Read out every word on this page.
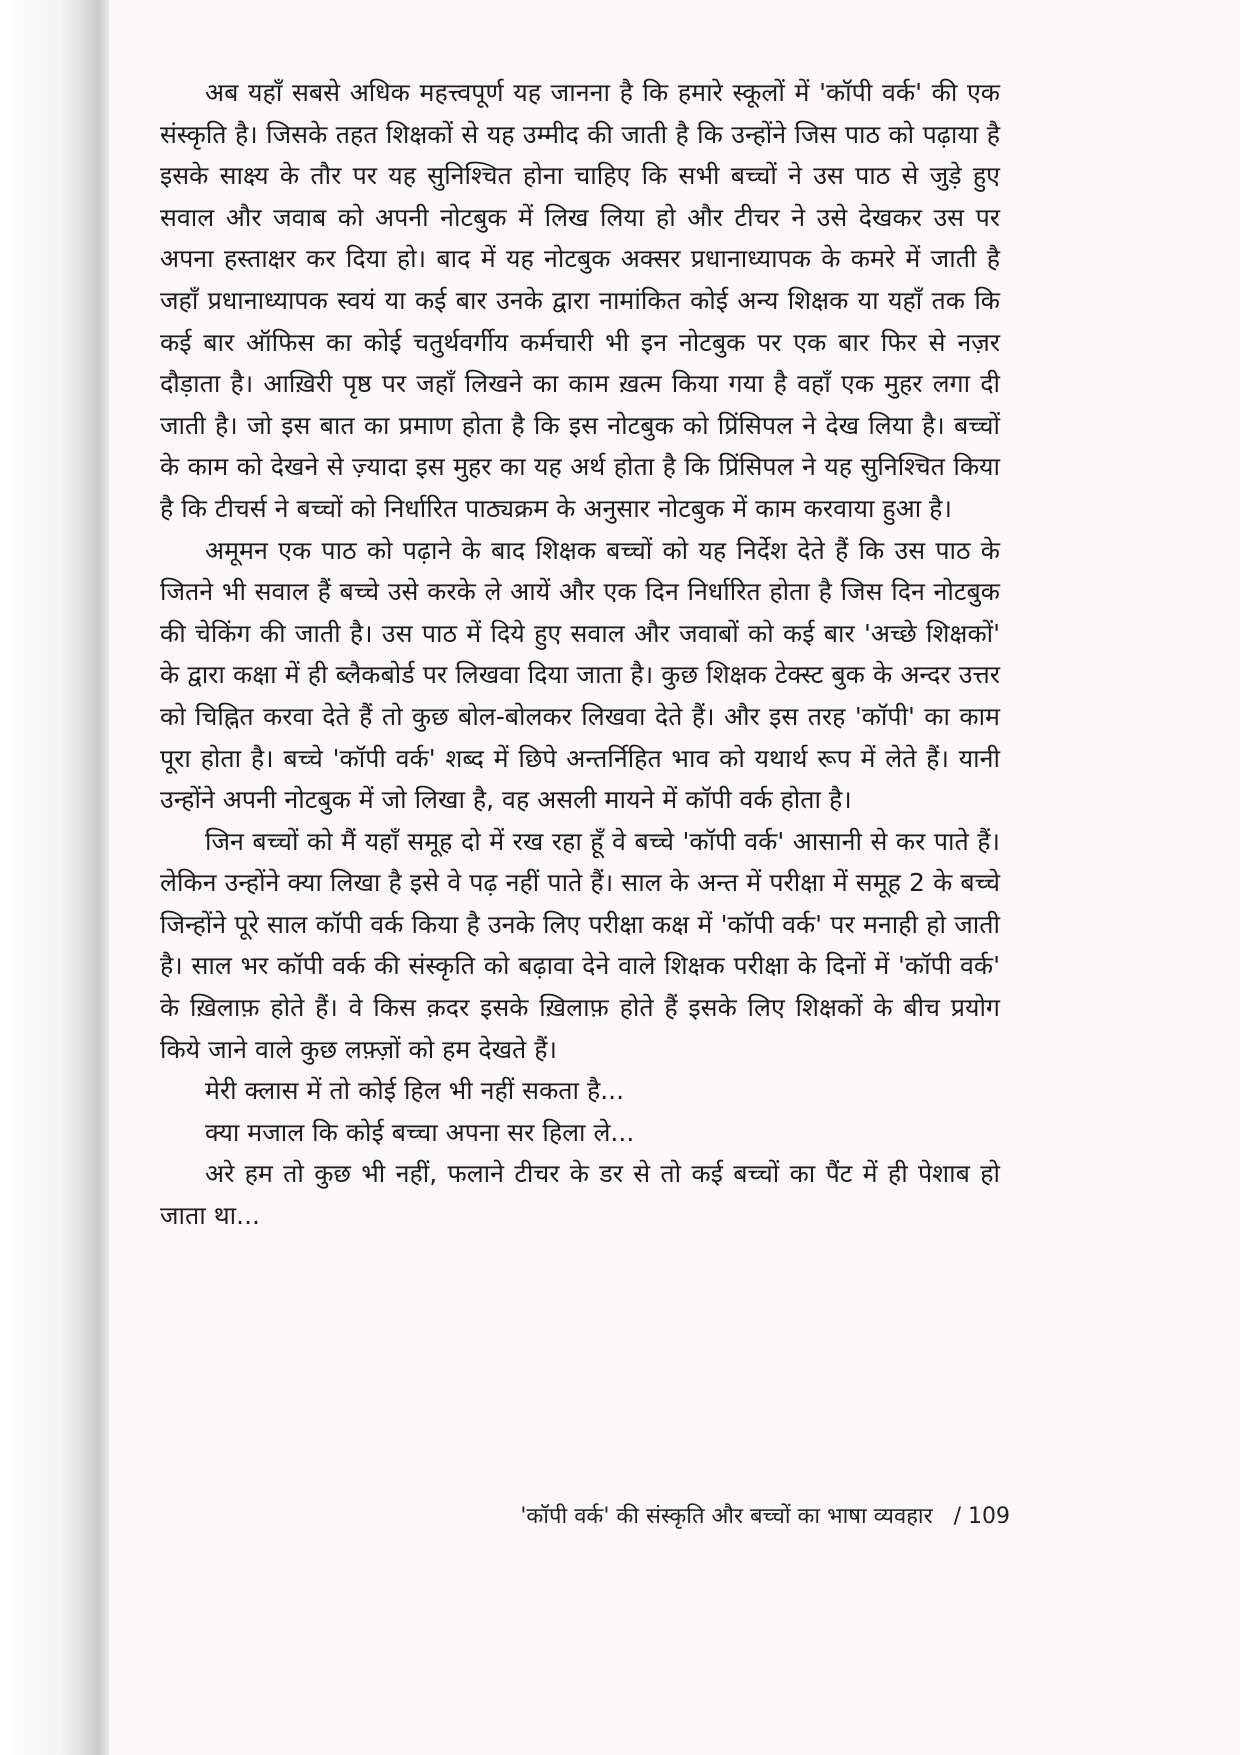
अब यहाँ सबसे अधिक महत्त्वपूर्ण यह जानना है कि हमारे स्कूलों में 'कॉपी वर्क' की एक संस्कृति है। जिसके तहत शिक्षकों से यह उम्मीद की जाती है कि उन्होंने जिस पाठ को पढ़ाया है इसके साक्ष्य के तौर पर यह सुनिश्चित होना चाहिए कि सभी बच्चों ने उस पाठ से जुड़े हुए सवाल और जवाब को अपनी नोटबुक में लिख लिया हो और टीचर ने उसे देखकर उस पर अपना हस्ताक्षर कर दिया हो। बाद में यह नोटबुक अक्सर प्रधानाध्यापक के कमरे में जाती है जहाँ प्रधानाध्यापक स्वयं या कई बार उनके द्वारा नामांकित कोई अन्य शिक्षक या यहाँ तक कि कई बार ऑफिस का कोई चतुर्थवर्गीय कर्मचारी भी इन नोटबुक पर एक बार फिर से नज़र दौड़ाता है। आख़िरी पृष्ठ पर जहाँ लिखने का काम ख़त्म किया गया है वहाँ एक मुहर लगा दी जाती है। जो इस बात का प्रमाण होता है कि इस नोटबुक को प्रिंसिपल ने देख लिया है। बच्चों के काम को देखने से ज़्यादा इस मुहर का यह अर्थ होता है कि प्रिंसिपल ने यह सुनिश्चित किया है कि टीचर्स ने बच्चों को निर्धारित पाठ्यक्रम के अनुसार नोटबुक में काम करवाया हुआ है।

अमूमन एक पाठ को पढ़ाने के बाद शिक्षक बच्चों को यह निर्देश देते हैं कि उस पाठ के जितने भी सवाल हैं बच्चे उसे करके ले आयें और एक दिन निर्धारित होता है जिस दिन नोटबुक की चेकिंग की जाती है। उस पाठ में दिये हुए सवाल और जवाबों को कई बार 'अच्छे शिक्षकों' के द्वारा कक्षा में ही ब्लैकबोर्ड पर लिखवा दिया जाता है। कुछ शिक्षक टेक्स्ट बुक के अन्दर उत्तर को चिह्नित करवा देते हैं तो कुछ बोल-बोलकर लिखवा देते हैं। और इस तरह 'कॉपी' का काम पूरा होता है। बच्चे 'कॉपी वर्क' शब्द में छिपे अन्तर्निहित भाव को यथार्थ रूप में लेते हैं। यानी उन्होंने अपनी नोटबुक में जो लिखा है, वह असली मायने में कॉपी वर्क होता है।

जिन बच्चों को मैं यहाँ समूह दो में रख रहा हूँ वे बच्चे 'कॉपी वर्क' आसानी से कर पाते हैं। लेकिन उन्होंने क्या लिखा है इसे वे पढ़ नहीं पाते हैं। साल के अन्त में परीक्षा में समूह 2 के बच्चे जिन्होंने पूरे साल कॉपी वर्क किया है उनके लिए परीक्षा कक्ष में 'कॉपी वर्क' पर मनाही हो जाती है। साल भर कॉपी वर्क की संस्कृति को बढ़ावा देने वाले शिक्षक परीक्षा के दिनों में 'कॉपी वर्क' के ख़िलाफ़ होते हैं। वे किस क़दर इसके ख़िलाफ़ होते हैं इसके लिए शिक्षकों के बीच प्रयोग किये जाने वाले कुछ लफ़्ज़ों को हम देखते हैं।

मेरी क्लास में तो कोई हिल भी नहीं सकता है...

क्या मजाल कि कोई बच्चा अपना सर हिला ले...

अरे हम तो कुछ भी नहीं, फलाने टीचर के डर से तो कई बच्चों का पैंट में ही पेशाब हो जाता था...

'कॉपी वर्क' की संस्कृति और बच्चों का भाषा व्यवहार / 109
